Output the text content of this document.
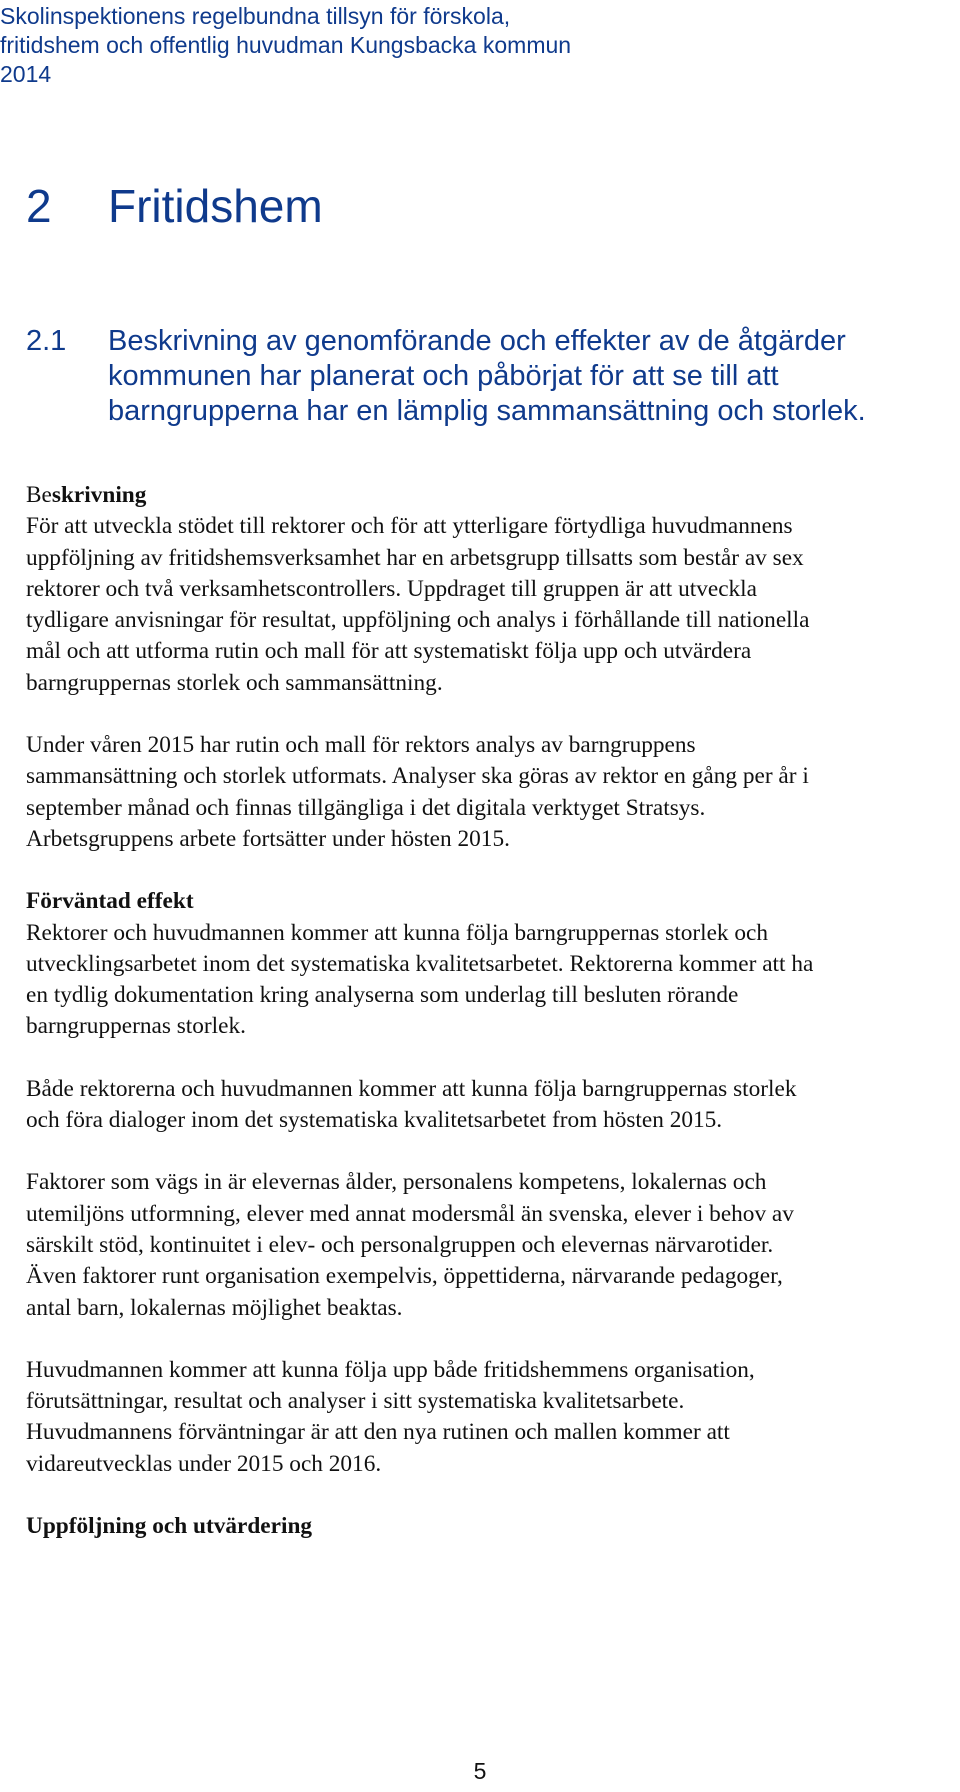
Skolinspektionens regelbundna tillsyn för förskola,
fritidshem och offentlig huvudman Kungsbacka kommun
2014
2 Fritidshem
2.1 Beskrivning av genomförande och effekter av de åtgärder
kommunen har planerat och påbörjat för att se till att
barngrupperna har en lämplig sammansättning och storlek.

Beskrivning
För att utveckla stödet till rektorer och för att ytterligare förtydliga huvudmannens
uppföljning av fritidshemsverksamhet har en arbetsgrupp tillsatts som består av sex
rektorer och två verksamhetscontrollers. Uppdraget till gruppen är att utveckla
tydligare anvisningar för resultat, uppföljning och analys i förhållande till nationella
mål och att utforma rutin och mall för att systematiskt följa upp och utvärdera
barngruppernas storlek och sammansättning.

Under våren 2015 har rutin och mall för rektors analys av barngruppens
sammansättning och storlek utformats. Analyser ska göras av rektor en gång per år i
september månad och finnas tillgängliga i det digitala verktyget Stratsys.
Arbetsgruppens arbete fortsätter under hösten 2015.

Förväntad effekt
Rektorer och huvudmannen kommer att kunna följa barngruppernas storlek och
utvecklingsarbetet inom det systematiska kvalitetsarbetet. Rektorerna kommer att ha
en tydlig dokumentation kring analyserna som underlag till besluten rörande
barngruppernas storlek.

Både rektorerna och huvudmannen kommer att kunna följa barngruppernas storlek
och föra dialoger inom det systematiska kvalitetsarbetet from hösten 2015.

Faktorer som vägs in är elevernas ålder, personalens kompetens, lokalernas och
utemiljöns utformning, elever med annat modersmål än svenska, elever i behov av
särskilt stöd, kontinuitet i elev- och personalgruppen och elevernas närvarotider.
Även faktorer runt organisation exempelvis, öppettiderna, närvarande pedagoger,
antal barn, lokalernas möjlighet beaktas.

Huvudmannen kommer att kunna följa upp både fritidshemmens organisation,
förutsättningar, resultat och analyser i sitt systematiska kvalitetsarbete.
Huvudmannens förväntningar är att den nya rutinen och mallen kommer att
vidareutvecklas under 2015 och 2016.

Uppföljning och utvärdering

5
